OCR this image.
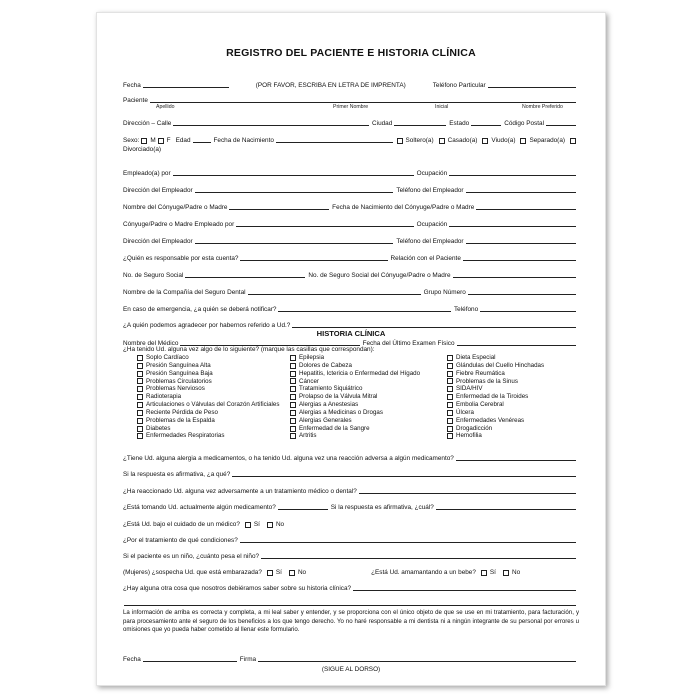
REGISTRO DEL PACIENTE E HISTORIA CLÍNICA
Fecha	(POR FAVOR, ESCRIBA EN LETRA DE IMPRENTA)	Teléfono Particular
Paciente
Apellido	Primer Nombre	Inicial	Nombre Preferido
Dirección – Calle	Ciudad	Estado	Código Postal
Sexo: M F Edad	Fecha de Nacimiento	Soltero(a) Casado(a) Viudo(a) Separado(a)
Divorciado(a)
Empleado(a) por	Ocupación
Dirección del Empleador	Teléfono del Empleador
Nombre del Cónyuge/Padre o Madre	Fecha de Nacimiento del Cónyuge/Padre o Madre
Cónyuge/Padre o Madre Empleado por	Ocupación
Dirección del Empleador	Teléfono del Empleador
¿Quién es responsable por esta cuenta?	Relación con el Paciente
No. de Seguro Social	No. de Seguro Social del Cónyuge/Padre o Madre
Nombre de la Compañía del Seguro Dental	Grupo Número
En caso de emergencia, ¿a quién se deberá notificar?	Teléfono
¿A quién podemos agradecer por habernos referido a Ud.?
HISTORIA CLÍNICA
Nombre del Médico	Fecha del Último Examen Físico
¿Ha tenido Ud. alguna vez algo de lo siguiente? (marque las casillas que correspondan):
Soplo Cardíaco
Presión Sanguínea Alta
Presión Sanguínea Baja
Problemas Circulatorios
Problemas Nerviosos
Radioterapia
Articulaciones o Válvulas del Corazón Artificiales
Reciente Pérdida de Peso
Problemas de la Espalda
Diabetes
Enfermedades Respiratorias
Epilepsia
Dolores de Cabeza
Hepatitis, Ictericia o Enfermedad del Hígado
Cáncer
Tratamiento Siquiátrico
Prolapso de la Válvula Mitral
Alergias a Anestesias
Alergias a Medicinas o Drogas
Alergias Generales
Enfermedad de la Sangre
Artritis
Dieta Especial
Glándulas del Cuello Hinchadas
Fiebre Reumática
Problemas de la Sinus
SIDA/HIV
Enfermedad de la Tiroides
Embolia Cerebral
Úlcera
Enfermedades Venéreas
Drogadicción
Hemofilia
¿Tiene Ud. alguna alergia a medicamentos, o ha tenido Ud. alguna vez una reacción adversa a algún medicamento?
Si la respuesta es afirmativa, ¿a qué?
¿Ha reaccionado Ud. alguna vez adversamente a un tratamiento médico o dental?
¿Está tomando Ud. actualmente algún medicamento?	Si la respuesta es afirmativa, ¿cuál?
¿Está Ud. bajo el cuidado de un médico? Sí	No
¿Por el tratamiento de qué condiciones?
Si el paciente es un niño, ¿cuánto pesa el niño?
(Mujeres) ¿sospecha Ud. que está embarazada? Sí	No	¿Está Ud. amamantando a un bebe? Sí	No
¿Hay alguna otra cosa que nosotros debiéramos saber sobre su historia clínica?
La información de arriba es correcta y completa, a mi leal saber y entender, y se proporciona con el único objeto de que se use en mi tratamiento, para facturación, y para procesamiento ante el seguro de los beneficios a los que tengo derecho. Yo no haré responsable a mi dentista ni a ningún integrante de su personal por errores u omisiones que yo pueda haber cometido al llenar este formulario.
Fecha	Firma
(SIGUE AL DORSO)
